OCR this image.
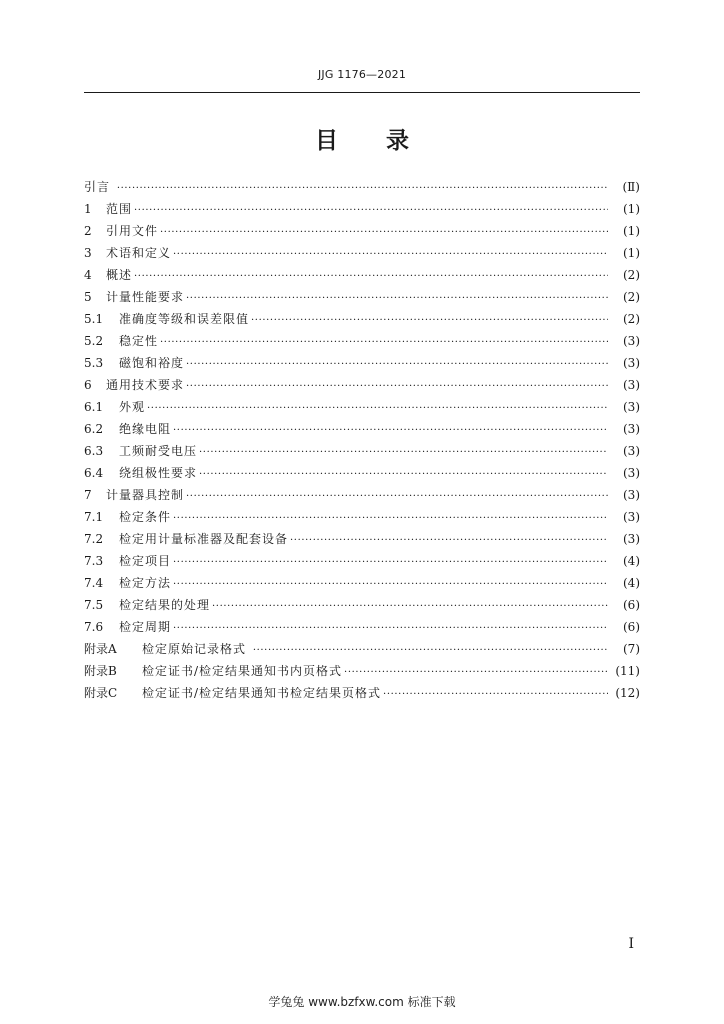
JJG 1176—2021
目录
引言 ·····	(Ⅱ)
1	范围 ·····	(1)
2	引用文件 ·····	(1)
3	术语和定义 ·····	(1)
4	概述 ·····	(2)
5	计量性能要求 ·····	(2)
5.1	准确度等级和误差限值 ·····	(2)
5.2	稳定性 ·····	(3)
5.3	磁饱和裕度 ·····	(3)
6	通用技术要求 ·····	(3)
6.1	外观 ·····	(3)
6.2	绝缘电阻 ·····	(3)
6.3	工频耐受电压 ·····	(3)
6.4	绕组极性要求 ·····	(3)
7	计量器具控制 ·····	(3)
7.1	检定条件 ·····	(3)
7.2	检定用计量标准器及配套设备 ·····	(3)
7.3	检定项目 ·····	(4)
7.4	检定方法 ·····	(4)
7.5	检定结果的处理 ·····	(6)
7.6	检定周期 ·····	(6)
附录A	检定原始记录格式 ·····	(7)
附录B	检定证书/检定结果通知书内页格式 ·····	(11)
附录C	检定证书/检定结果通知书检定结果页格式 ·····	(12)
Ⅰ
学兔兔 www.bzfxw.com 标准下载
